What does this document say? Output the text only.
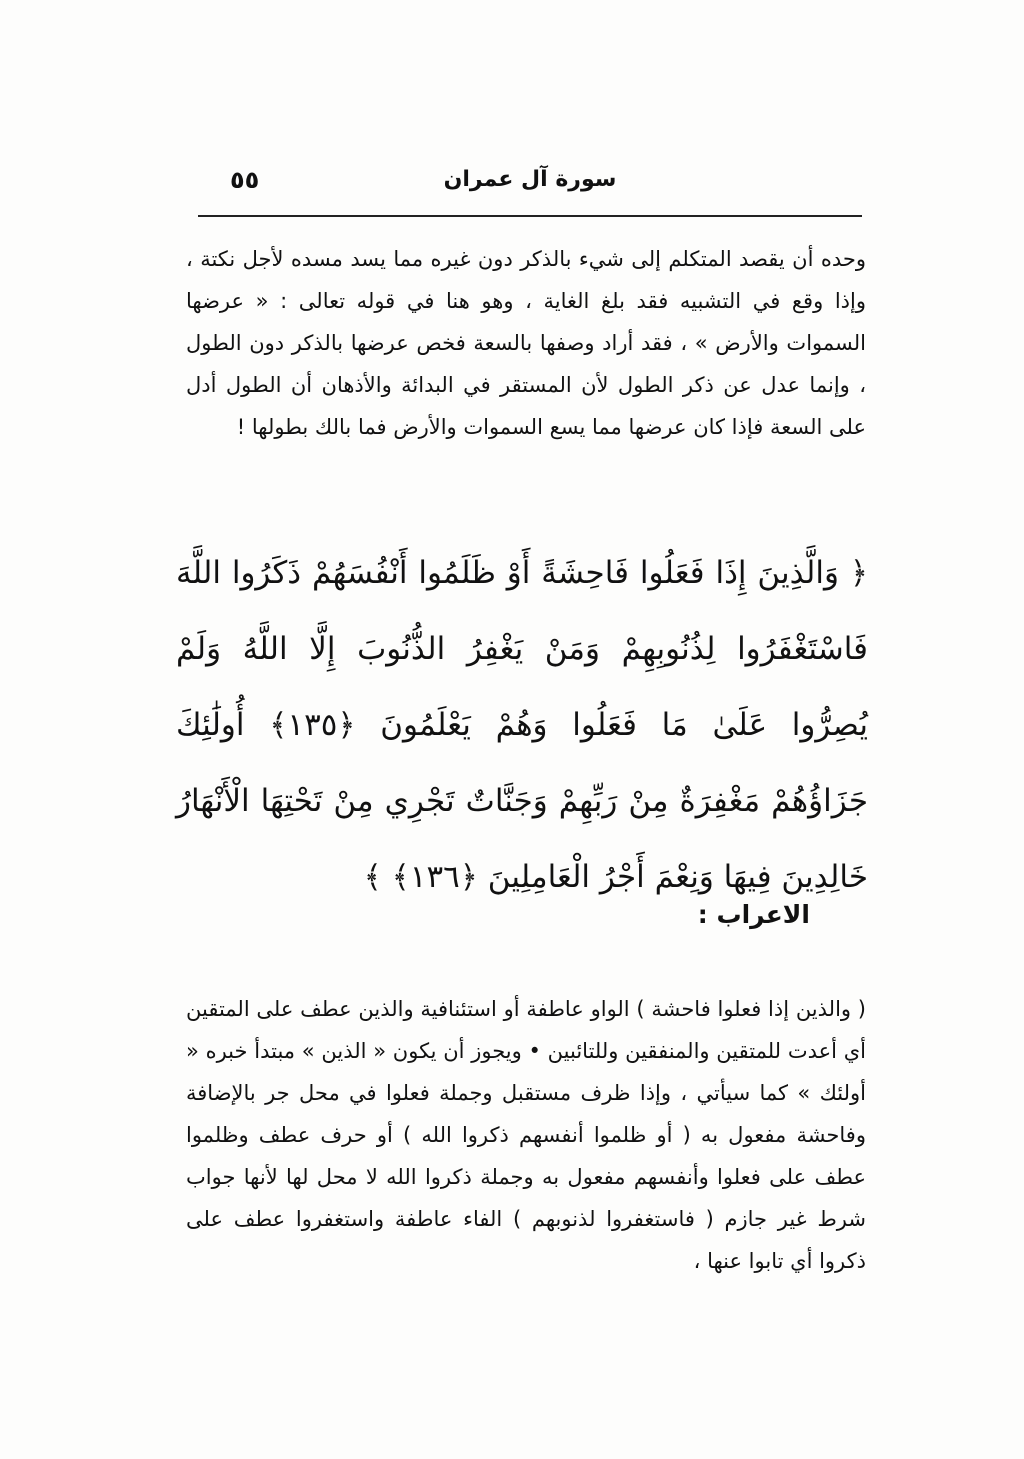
سورة آل عمران
٥٥

وحده أن يقصد المتكلم إلى شيء بالذكر دون غيره مما يسد مسده لأجل نكتة ، وإذا وقع في التشبيه فقد بلغ الغاية ، وهو هنا في قوله تعالى : « عرضها السموات والأرض » ، فقد أراد وصفها بالسعة فخص عرضها بالذكر دون الطول ، وإنما عدل عن ذكر الطول لأن المستقر في البدائة والأذهان أن الطول أدل على السعة فإذا كان عرضها مما يسع السموات والأرض فما بالك بطولها !

﴿ وَالَّذِينَ إِذَا فَعَلُوا فَاحِشَةً أَوْ ظَلَمُوا أَنْفُسَهُمْ ذَكَرُوا اللَّهَ فَاسْتَغْفَرُوا لِذُنُوبِهِمْ وَمَنْ يَغْفِرُ الذُّنُوبَ إِلَّا اللَّهُ وَلَمْ يُصِرُّوا عَلَىٰ مَا فَعَلُوا وَهُمْ يَعْلَمُونَ ﴿١٣٥﴾ أُولَٰئِكَ جَزَاؤُهُمْ مَغْفِرَةٌ مِنْ رَبِّهِمْ وَجَنَّاتٌ تَجْرِي مِنْ تَحْتِهَا الْأَنْهَارُ خَالِدِينَ فِيهَا وَنِعْمَ أَجْرُ الْعَامِلِينَ ﴿١٣٦﴾ ﴾
الاعراب :

( والذين إذا فعلوا فاحشة ) الواو عاطفة أو استئنافية والذين عطف على المتقين أي أعدت للمتقين والمنفقين وللتائبين • ويجوز أن يكون « الذين » مبتدأ خبره « أولئك » كما سيأتي ، وإذا ظرف مستقبل وجملة فعلوا في محل جر بالإضافة وفاحشة مفعول به ( أو ظلموا أنفسهم ذكروا الله ) أو حرف عطف وظلموا عطف على فعلوا وأنفسهم مفعول به وجملة ذكروا الله لا محل لها لأنها جواب شرط غير جازم ( فاستغفروا لذنوبهم ) الفاء عاطفة واستغفروا عطف على ذكروا أي تابوا عنها ،
